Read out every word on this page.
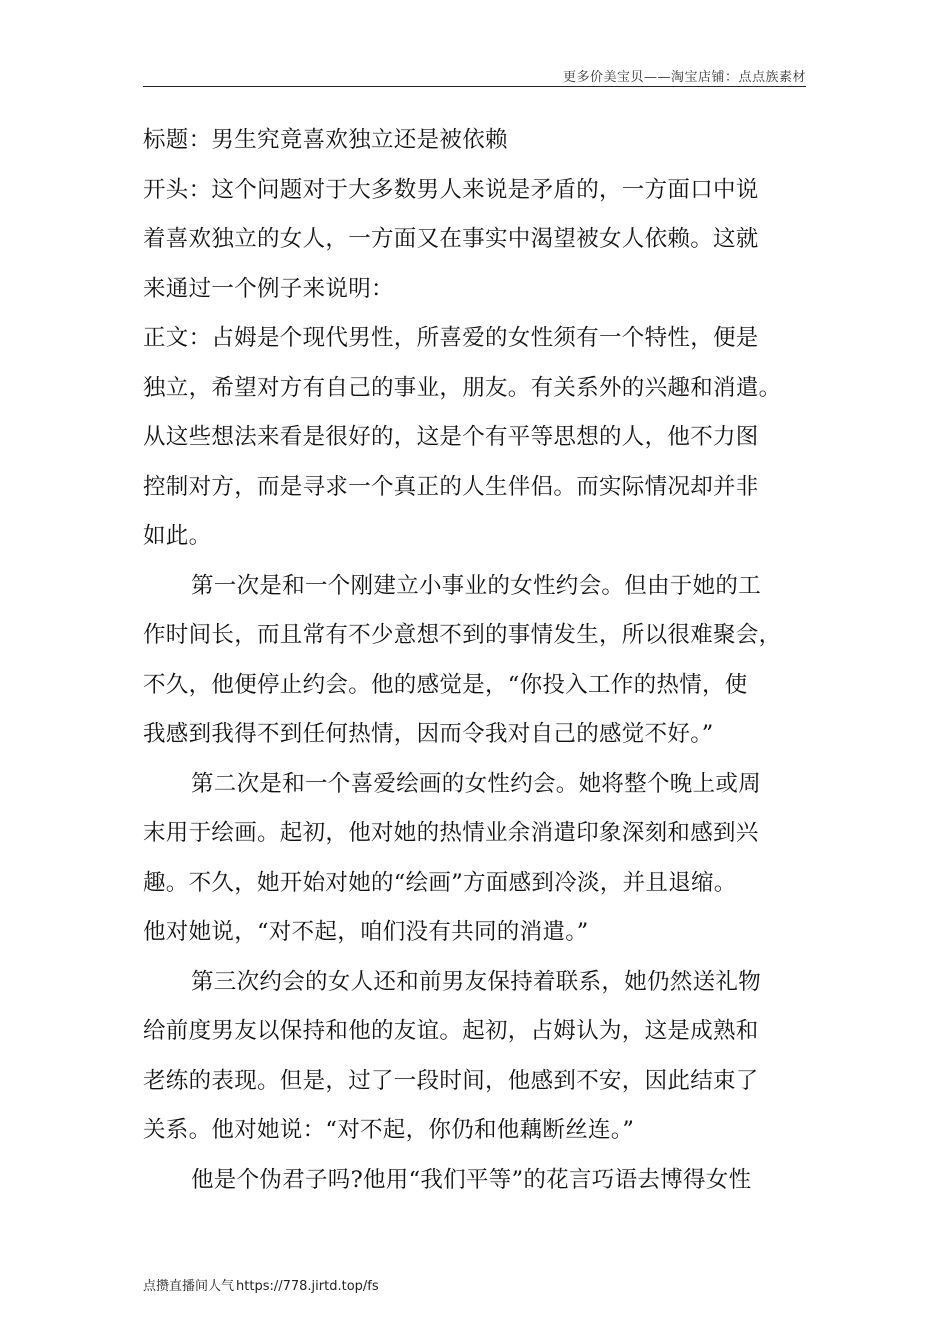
更多价美宝贝——淘宝店铺：点点族素材
标题：男生究竟喜欢独立还是被依赖
开头：这个问题对于大多数男人来说是矛盾的，一方面口中说
着喜欢独立的女人，一方面又在事实中渴望被女人依赖。这就
来通过一个例子来说明：
正文：占姆是个现代男性，所喜爱的女性须有一个特性，便是
独立，希望对方有自己的事业，朋友。有关系外的兴趣和消遣。
从这些想法来看是很好的，这是个有平等思想的人，他不力图
控制对方，而是寻求一个真正的人生伴侣。而实际情况却并非
如此。
第一次是和一个刚建立小事业的女性约会。但由于她的工
作时间长，而且常有不少意想不到的事情发生，所以很难聚会，
不久，他便停止约会。他的感觉是，“你投入工作的热情，使
我感到我得不到任何热情，因而令我对自己的感觉不好。”
第二次是和一个喜爱绘画的女性约会。她将整个晚上或周
末用于绘画。起初，他对她的热情业余消遣印象深刻和感到兴
趣。不久，她开始对她的“绘画”方面感到冷淡，并且退缩。
他对她说，“对不起，咱们没有共同的消遣。”
第三次约会的女人还和前男友保持着联系，她仍然送礼物
给前度男友以保持和他的友谊。起初，占姆认为，这是成熟和
老练的表现。但是，过了一段时间，他感到不安，因此结束了
关系。他对她说：“对不起，你仍和他藕断丝连。”
他是个伪君子吗?他用“我们平等”的花言巧语去博得女性
点攒直播间人气 https://778.jirtd.top/fs
